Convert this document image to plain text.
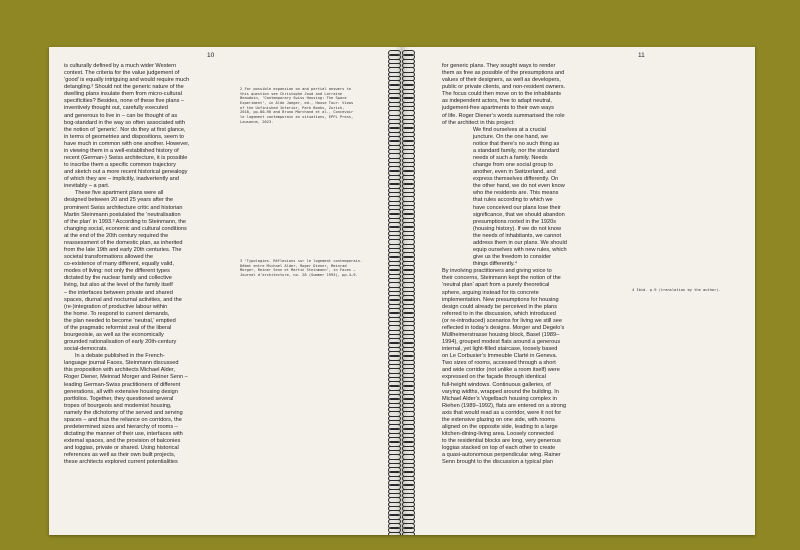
10
is culturally defined by a much wider Western
context. The criteria for the value judgement of
‘good’ is equally intriguing and would require much
detangling.² Should not the generic nature of the
dwelling plans insulate them from micro-cultural
specificities? Besides, none of these five plans –
inventively thought out, carefully executed
and generous to live in – can be thought of as
bog-standard in the way so often associated with
the notion of ‘generic’. Nor do they at first glance,
in terms of geometries and dispositions, seem to
have much in common with one another. However,
in viewing them in a well-established history of
recent (German-) Swiss architecture, it is possible
to inscribe them a specific common trajectory
and sketch out a more recent historical genealogy
of which they are – implicitly, inadvertently and
inevitably – a part.
These five apartment plans were all
designed between 20 and 25 years after the
prominent Swiss architecture critic and historian
Martin Steinmann postulated the ‘neutralisation
of the plan’ in 1993.³ According to Steinmann, the
changing social, economic and cultural conditions
at the end of the 20th century required the
reassessment of the domestic plan, as inherited
from the late 19th and early 20th centuries. The
societal transformations allowed the
co-existence of many different, equally valid,
modes of living: not only the different types
dictated by the nuclear family and collective
living, but also at the level of the family itself
– the interfaces between private and shared
spaces, diurnal and nocturnal activities, and the
(re-)integration of productive labour within
the home. To respond to current demands,
the plan needed to become ‘neutral,’ emptied
of the pragmatic reformist zeal of the liberal
bourgeoisie, as well as the economically
grounded rationalisation of early 20th-century
social-democrats.
In a debate published in the French-
language journal Faces, Steinmann discussed
this proposition with architects Michael Alder,
Roger Diener, Meinrad Morger and Reiner Senn –
leading German-Swiss practitioners of different
generations, all with extensive housing design
portfolios. Together, they questioned several
tropes of bourgeois and modernist housing,
namely the dichotomy of the served and serving
spaces – and thus the reliance on corridors, the
predetermined sizes and hierarchy of rooms –
dictating the manner of their use, interfaces with
external spaces, and the provision of balconies
and loggias, private or shared. Using historical
references as well as their own built projects,
these architects explored current potentialities
2 For possible expansion on and partial answers to
this question see Christophe Joud and Lorraine
Beaudoin, ‘Contemporary Swiss Housing: The Space
Experiment’, in Aldo Jaeger, ed., House Tour: Views
of the Unfinished Interior, Park Books, Zurich,
2018, pp.80–90 and Bruno Marchand et al., Concevoir
le logement contemporain en situations, EPFL Press,
Lausanne, 2023.
3 ‘Typologies. Réflexions sur le logement contemporain.
Débat entre Michael Alder, Roger Diener, Meinrad
Morger, Reiner Senn et Martin Steinmann’, in Faces –
Journal d’architecture, no. 28 (Summer 1993), pp.4–9.
11
for generic plans. They sought ways to render
them as free as possible of the presumptions and
values of their designers, as well as developers,
public or private clients, and non-resident owners.
The focus could then move on to the inhabitants
as independent actors, free to adapt neutral,
judgement-free apartments to their own ways
of life. Roger Diener’s words summarised the role
of the architect in this project:
We find ourselves at a crucial
juncture. On the one hand, we
notice that there’s no such thing as
a standard family, nor the standard
needs of such a family. Needs
change from one social group to
another, even in Switzerland, and
express themselves differently. On
the other hand, we do not even know
who the residents are. This means
that rules according to which we
have conceived our plans lose their
significance, that we should abandon
presumptions rooted in the 1920s
(housing history). If we do not know
the needs of inhabitants, we cannot
address them in our plans. We should
equip ourselves with new rules, which
give us the freedom to consider
things differently.⁴
By involving practitioners and giving voice to
their concerns, Steinmann kept the notion of the
‘neutral plan’ apart from a purely theoretical
sphere, arguing instead for its concrete
implementation. New presumptions for housing
design could already be perceived in the plans
referred to in the discussion, which introduced
(or re-introduced) scenarios for living we still see
reflected in today’s designs. Morger and Degelo’s
Müllheimerstrasse housing block, Basel (1989–
1994), grouped modest flats around a generous
internal, yet light-filled staircase, loosely based
on Le Corbusier’s Immeuble Clarté in Geneva.
Two sizes of rooms, accessed through a short
and wide corridor (not unlike a room itself) were
expressed on the façade through identical
full-height windows. Continuous galleries, of
varying widths, wrapped around the building. In
Michael Alder’s Vogelbach housing complex in
Riehen (1989–1992), flats are entered on a strong
axis that would read as a corridor, were it not for
the extensive glazing on one side, with rooms
aligned on the opposite side, leading to a large
kitchen-dining-living area. Loosely connected
to the residential blocks are long, very generous
loggias stacked on top of each other to create
a quasi-autonomous perpendicular wing. Rainer
Senn brought to the discussion a typical plan
4 Ibid. p.9 (translation by the author).
